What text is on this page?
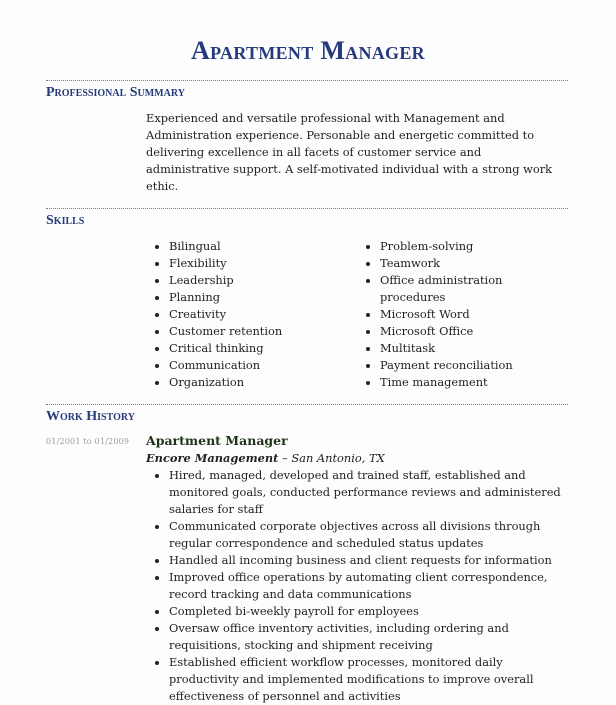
Apartment Manager
Professional Summary
Experienced and versatile professional with Management and Administration experience. Personable and energetic committed to delivering excellence in all facets of customer service and administrative support. A self-motivated individual with a strong work ethic.
Skills
Bilingual
Flexibility
Leadership
Planning
Creativity
Customer retention
Critical thinking
Communication
Organization
Problem-solving
Teamwork
Office administration procedures
Microsoft Word
Microsoft Office
Multitask
Payment reconciliation
Time management
Work History
01/2001 to 01/2009 Apartment Manager
Encore Management – San Antonio, TX
Hired, managed, developed and trained staff, established and monitored goals, conducted performance reviews and administered salaries for staff
Communicated corporate objectives across all divisions through regular correspondence and scheduled status updates
Handled all incoming business and client requests for information
Improved office operations by automating client correspondence, record tracking and data communications
Completed bi-weekly payroll for employees
Oversaw office inventory activities, including ordering and requisitions, stocking and shipment receiving
Established efficient workflow processes, monitored daily productivity and implemented modifications to improve overall effectiveness of personnel and activities
